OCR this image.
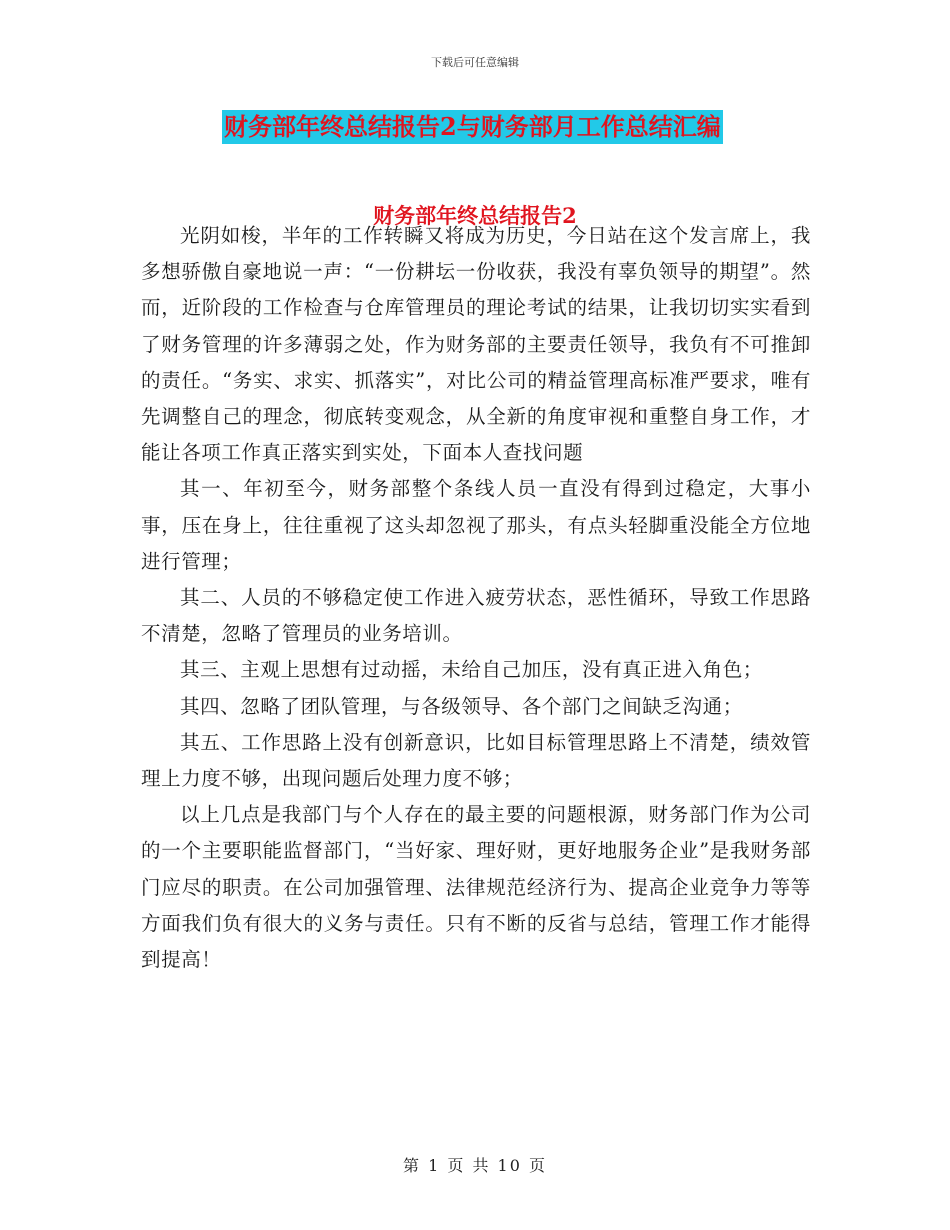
下载后可任意编辑
财务部年终总结报告2与财务部月工作总结汇编
财务部年终总结报告2

光阴如梭，半年的工作转瞬又将成为历史，今日站在这个发言席上，我多想骄傲自豪地说一声：“一份耕坛一份收获，我没有辜负领导的期望”。然而，近阶段的工作检查与仓库管理员的理论考试的结果，让我切切实实看到了财务管理的许多薄弱之处，作为财务部的主要责任领导，我负有不可推卸的责任。“务实、求实、抓落实”，对比公司的精益管理高标准严要求，唯有先调整自己的理念，彻底转变观念，从全新的角度审视和重整自身工作，才能让各项工作真正落实到实处，下面本人查找问题

其一、年初至今，财务部整个条线人员一直没有得到过稳定，大事小事，压在身上，往往重视了这头却忽视了那头，有点头轻脚重没能全方位地进行管理；

其二、人员的不够稳定使工作进入疲劳状态，恶性循环，导致工作思路不清楚，忽略了管理员的业务培训。

其三、主观上思想有过动摇，未给自己加压，没有真正进入角色；

其四、忽略了团队管理，与各级领导、各个部门之间缺乏沟通；

其五、工作思路上没有创新意识，比如目标管理思路上不清楚，绩效管理上力度不够，出现问题后处理力度不够；

以上几点是我部门与个人存在的最主要的问题根源，财务部门作为公司的一个主要职能监督部门，“当好家、理好财，更好地服务企业”是我财务部门应尽的职责。在公司加强管理、法律规范经济行为、提高企业竞争力等等方面我们负有很大的义务与责任。只有不断的反省与总结，管理工作才能得到提高！

第 1 页 共 10 页
